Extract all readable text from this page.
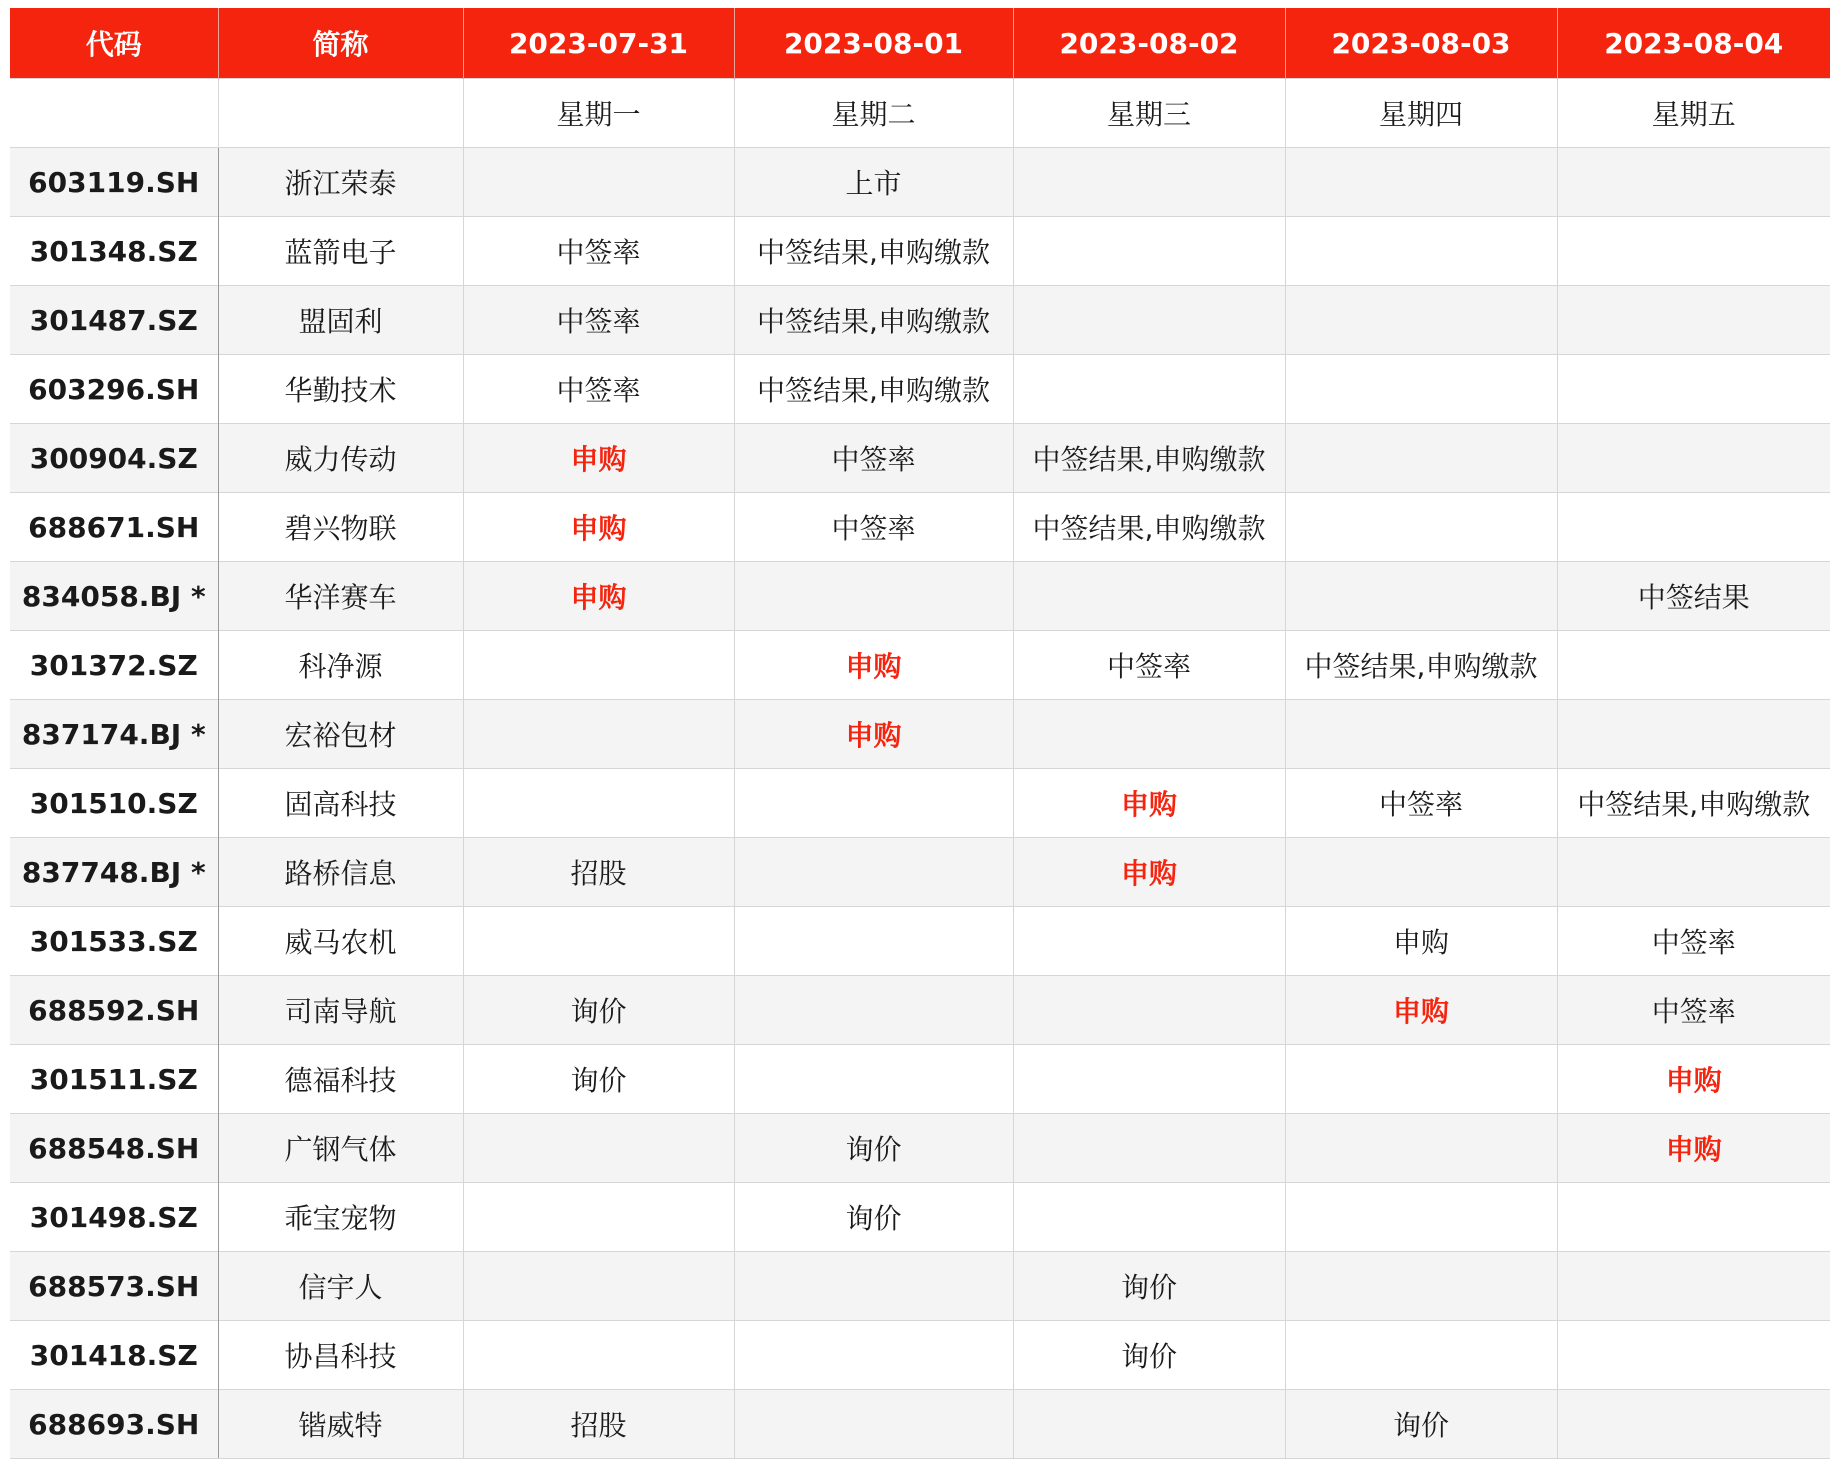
代码	简称	2023-07-31	2023-08-01	2023-08-02	2023-08-03	2023-08-04
		星期一	星期二	星期三	星期四	星期五
603119.SH	浙江荣泰		上市			
301348.SZ	蓝箭电子	中签率	中签结果,申购缴款			
301487.SZ	盟固利	中签率	中签结果,申购缴款			
603296.SH	华勤技术	中签率	中签结果,申购缴款			
300904.SZ	威力传动	申购	中签率	中签结果,申购缴款		
688671.SH	碧兴物联	申购	中签率	中签结果,申购缴款		
834058.BJ *	华洋赛车	申购				中签结果
301372.SZ	科净源		申购	中签率	中签结果,申购缴款	
837174.BJ *	宏裕包材		申购			
301510.SZ	固高科技			申购	中签率	中签结果,申购缴款
837748.BJ *	路桥信息	招股		申购		
301533.SZ	威马农机				申购	中签率
688592.SH	司南导航	询价			申购	中签率
301511.SZ	德福科技	询价				申购
688548.SH	广钢气体		询价			申购
301498.SZ	乖宝宠物		询价			
688573.SH	信宇人			询价		
301418.SZ	协昌科技			询价		
688693.SH	锴威特	招股			询价	
